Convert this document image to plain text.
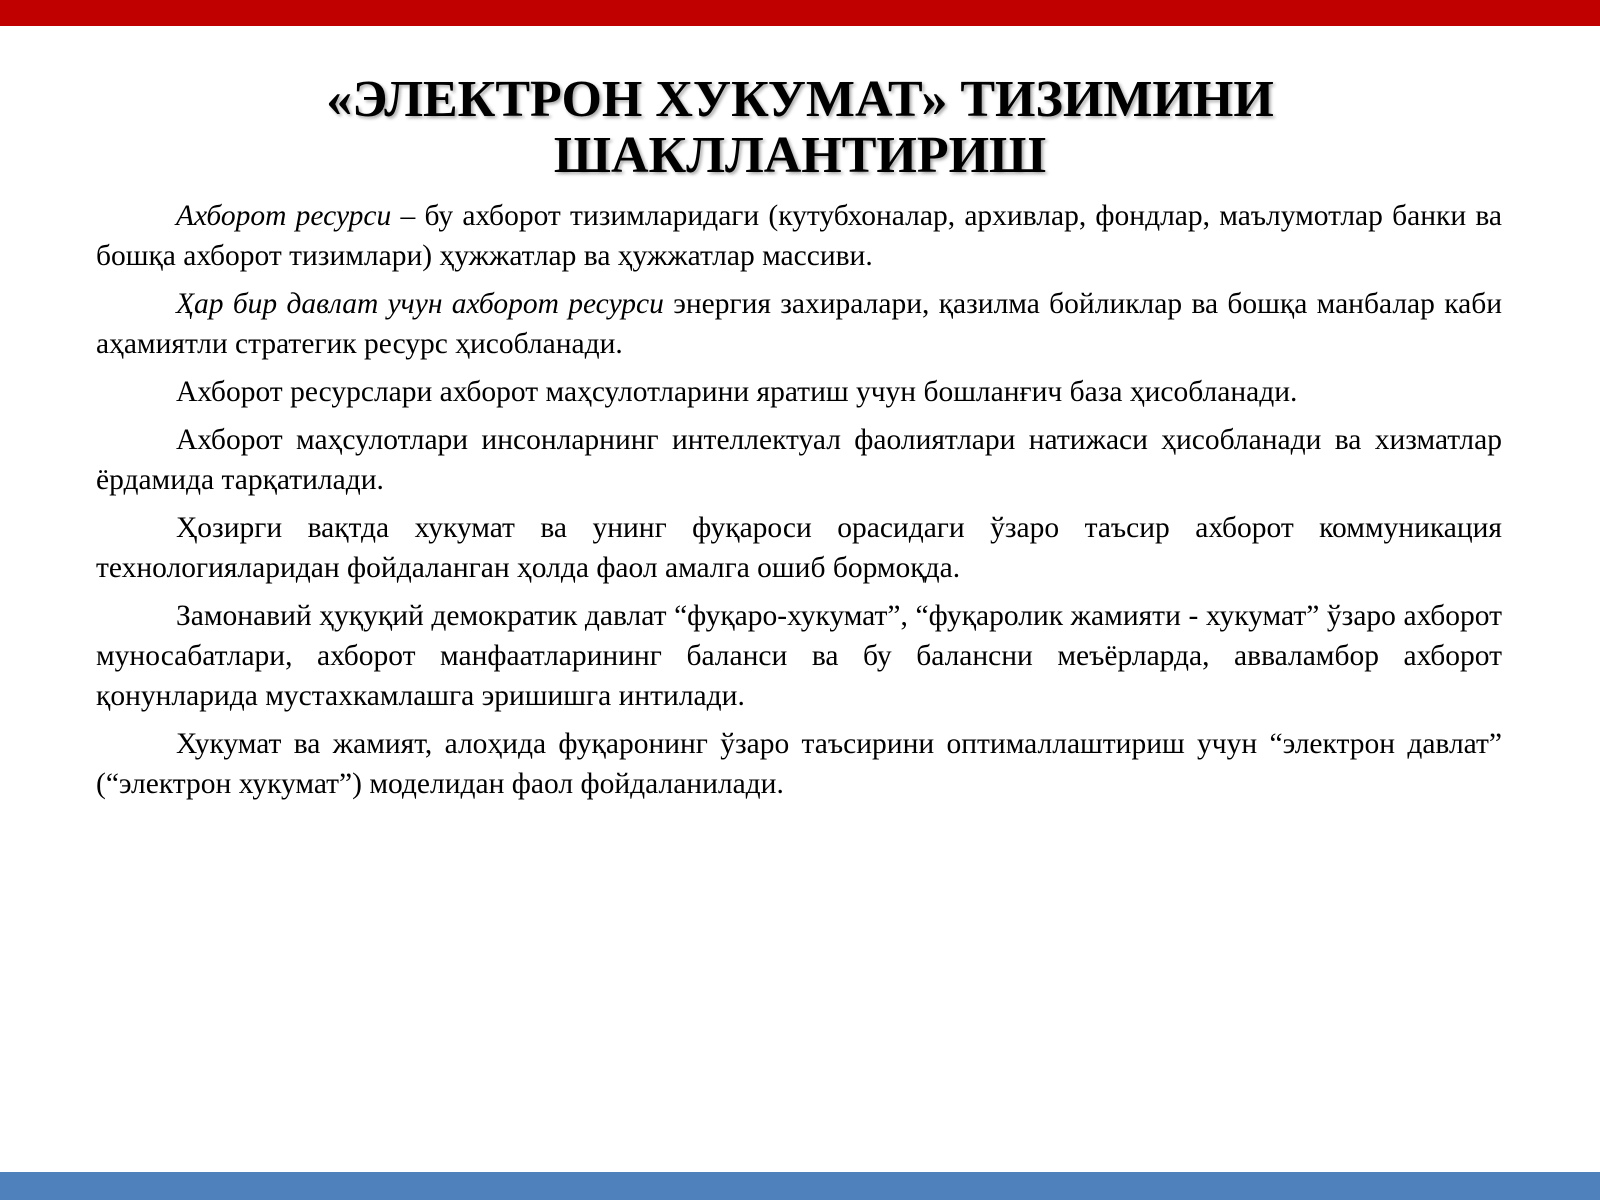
«ЭЛЕКТРОН ХУКУМАТ» ТИЗИМИНИ
ШАКЛЛАНТИРИШ

Ахборот ресурси – бу ахборот тизимларидаги (кутубхоналар, архивлар, фондлар, маълумотлар банки ва бошқа ахборот тизимлари) ҳужжатлар ва ҳужжатлар массиви.

Ҳар бир давлат учун ахборот ресурси энергия захиралари, қазилма бойликлар ва бошқа манбалар каби аҳамиятли стратегик ресурс ҳисобланади.

Ахборот ресурслари ахборот маҳсулотларини яратиш учун бошланғич база ҳисобланади.

Ахборот маҳсулотлари инсонларнинг интеллектуал фаолиятлари натижаси ҳисобланади ва хизматлар ёрдамида тарқатилади.

Ҳозирги вақтда хукумат ва унинг фуқароси орасидаги ўзаро таъсир ахборот коммуникация технологияларидан фойдаланган ҳолда фаол амалга ошиб бормоқда.

Замонавий ҳуқуқий демократик давлат “фуқаро-хукумат”, “фуқаролик жамияти - хукумат” ўзаро ахборот муносабатлари, ахборот манфаатларининг баланси ва бу балансни меъёрларда, авваламбор ахборот қонунларида мустахкамлашга эришишга интилади.

Хукумат ва жамият, алоҳида фуқаронинг ўзаро таъсирини оптималлаштириш учун “электрон давлат” (“электрон хукумат”) моделидан фаол фойдаланилади.
